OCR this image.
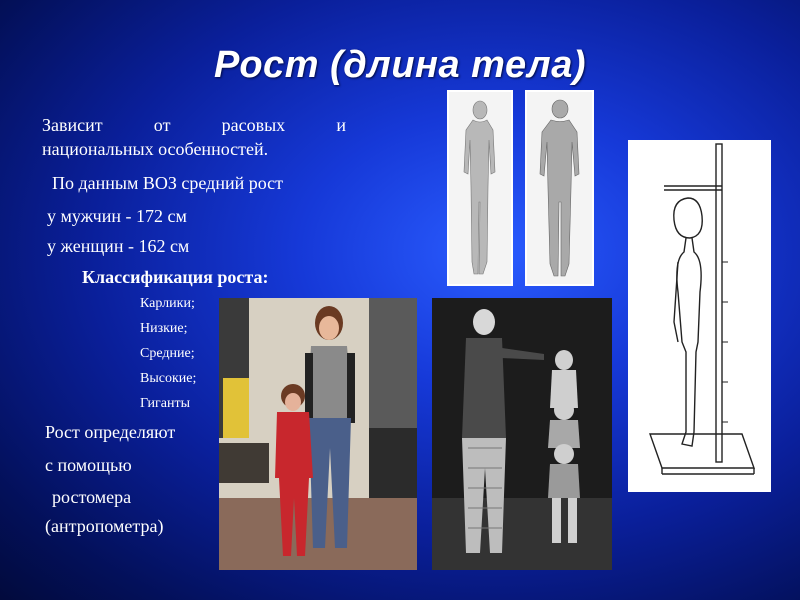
Рост (длина тела)
Зависит от расовых и
национальных особенностей.
По данным ВОЗ средний рост
у мужчин - 172 см
у женщин - 162 см
Классификация роста:
Карлики;
Низкие;
Средние;
Высокие;
Гиганты
Рост определяют
с помощью
ростомера
(антропометра)
